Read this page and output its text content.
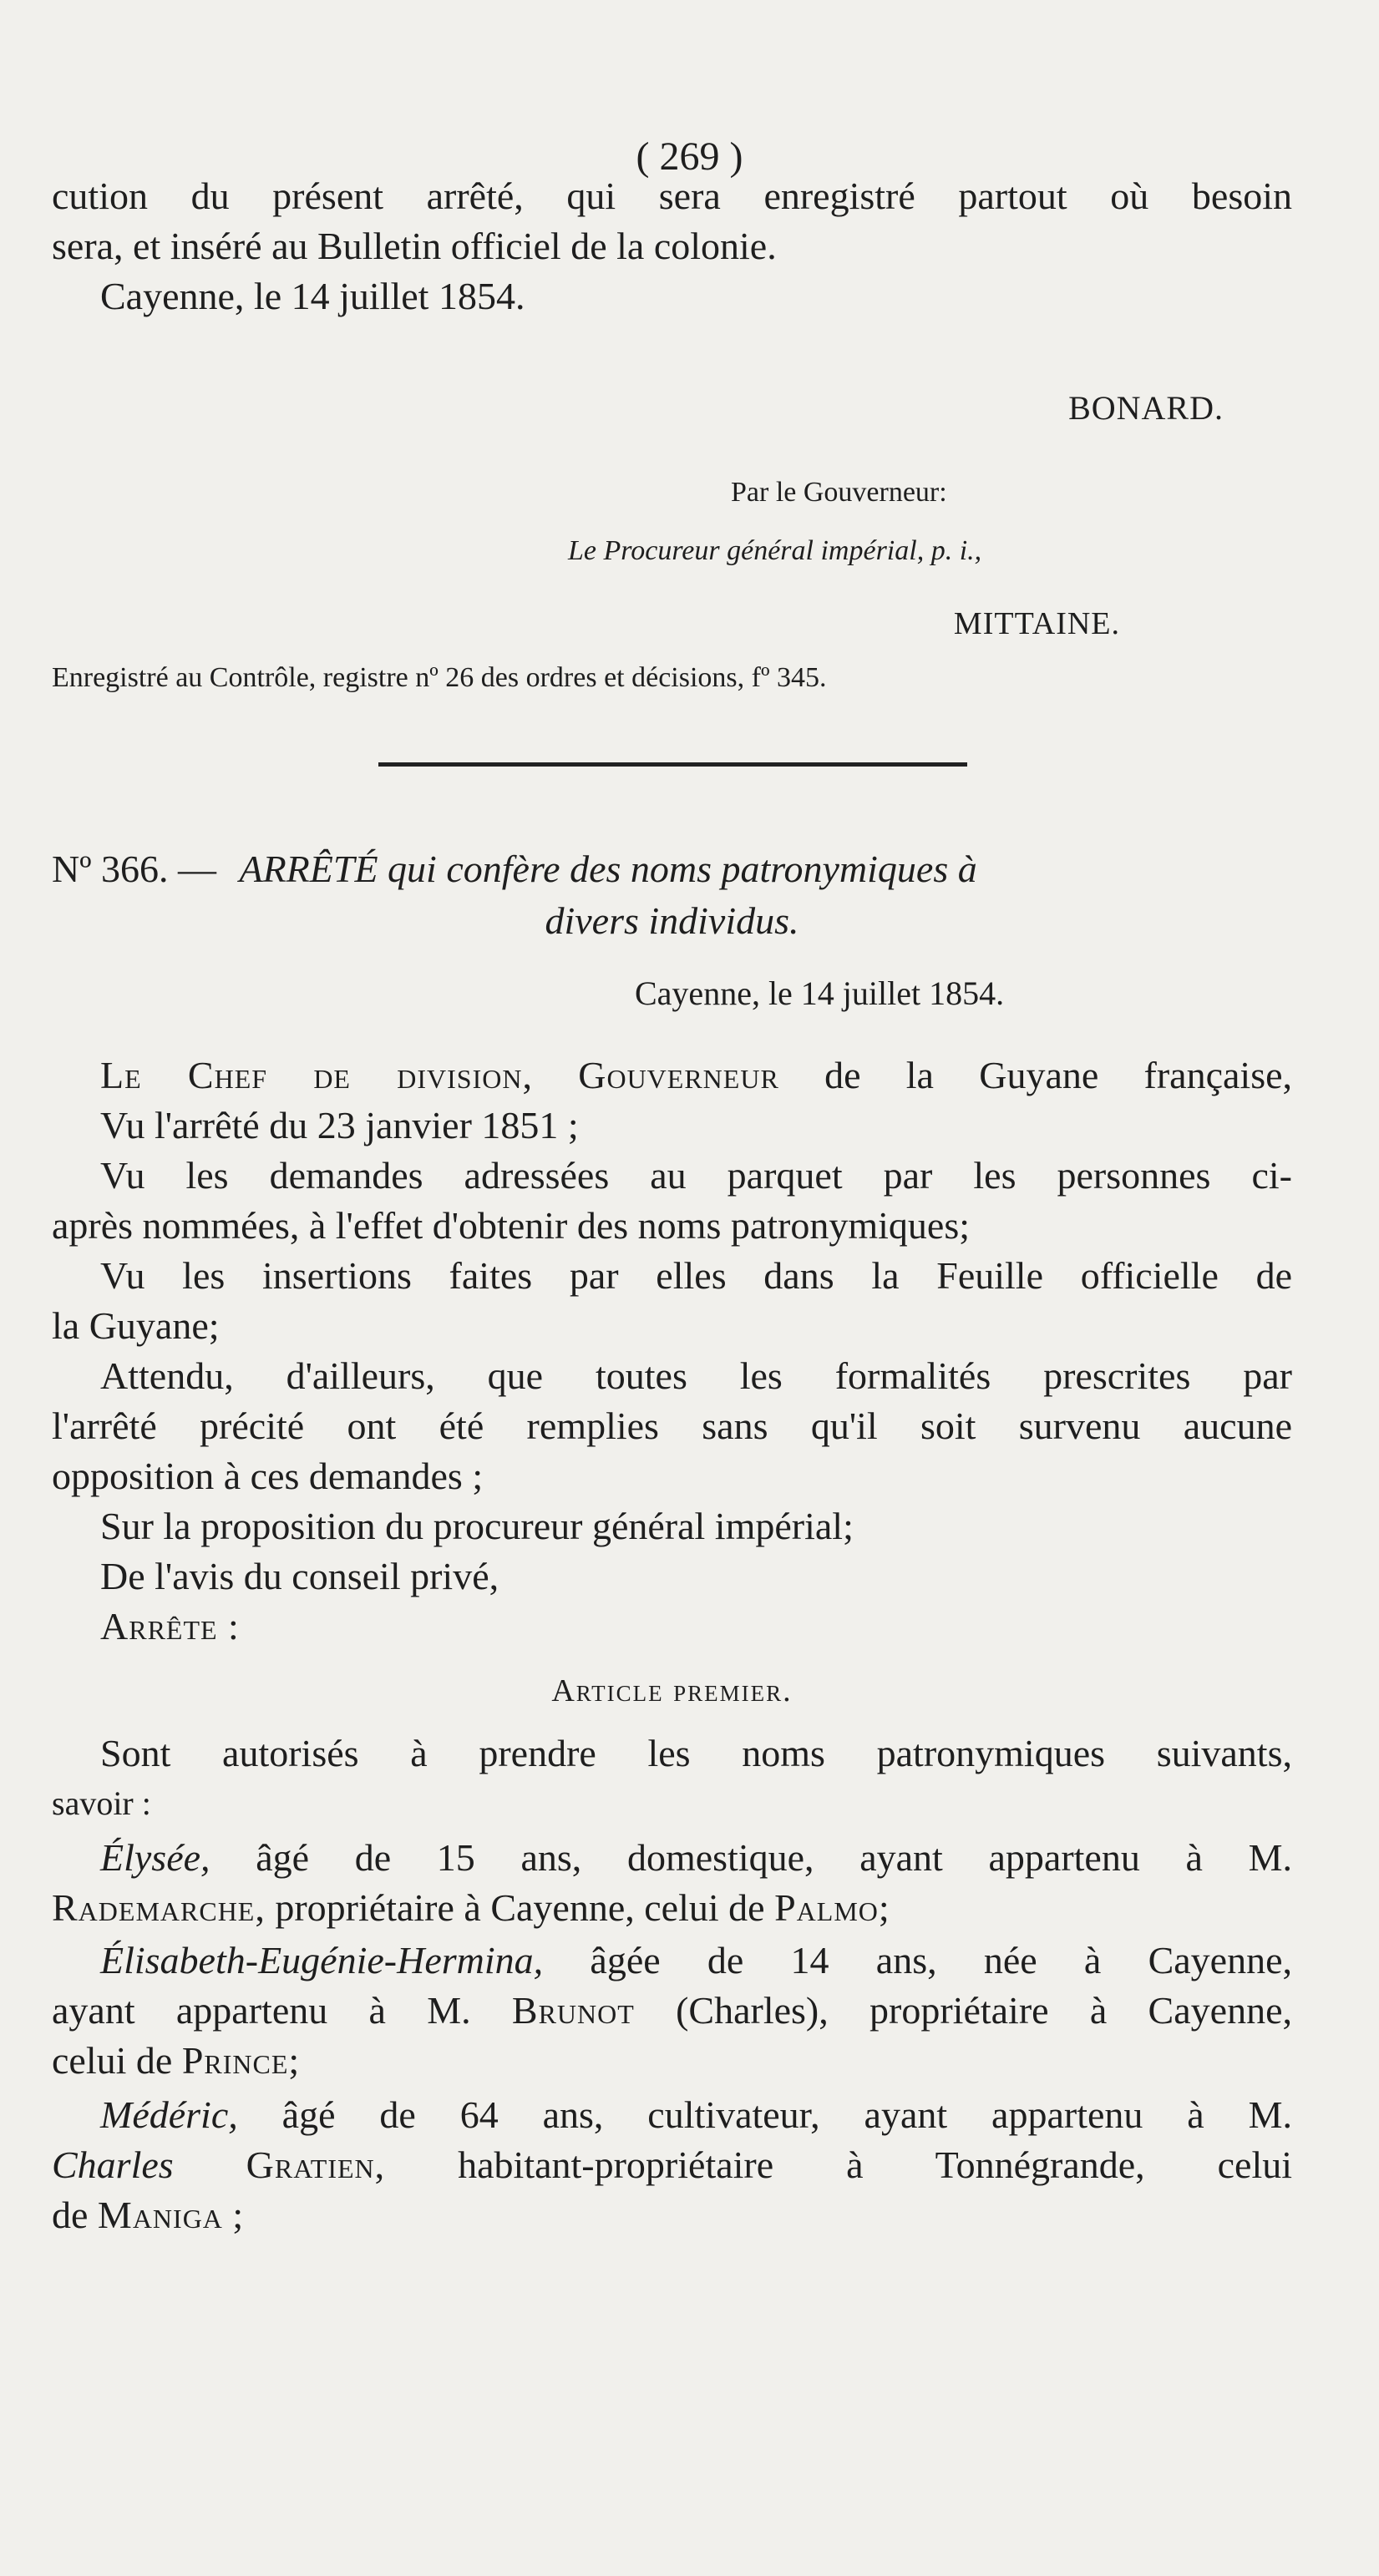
( 269 )
cution du présent arrêté, qui sera enregistré partout où besoin
sera, et inséré au Bulletin officiel de la colonie.
Cayenne, le 14 juillet 1854.
BONARD.
Par le Gouverneur:
Le Procureur général impérial, p. i.,
MITTAINE.
Enregistré au Contrôle, registre nº 26 des ordres et décisions, fº 345.
Nº 366. — ARRÊTÉ qui confère des noms patronymiques à
divers individus.
Cayenne, le 14 juillet 1854.
Le Chef de division, Gouverneur de la Guyane française,
Vu l'arrêté du 23 janvier 1851 ;
Vu les demandes adressées au parquet par les personnes ci-
après nommées, à l'effet d'obtenir des noms patronymiques;
Vu les insertions faites par elles dans la Feuille officielle de
la Guyane;
Attendu, d'ailleurs, que toutes les formalités prescrites par
l'arrêté précité ont été remplies sans qu'il soit survenu aucune
opposition à ces demandes ;
Sur la proposition du procureur général impérial;
De l'avis du conseil privé,
Arrête :
Article premier.
Sont autorisés à prendre les noms patronymiques suivants,
savoir :
Élysée, âgé de 15 ans, domestique, ayant appartenu à M.
Rademarche, propriétaire à Cayenne, celui de Palmo;
Élisabeth-Eugénie-Hermina, âgée de 14 ans, née à Cayenne,
ayant appartenu à M. Brunot (Charles), propriétaire à Cayenne,
celui de Prince;
Médéric, âgé de 64 ans, cultivateur, ayant appartenu à M.
Charles Gratien, habitant-propriétaire à Tonnégrande, celui
de Maniga ;
